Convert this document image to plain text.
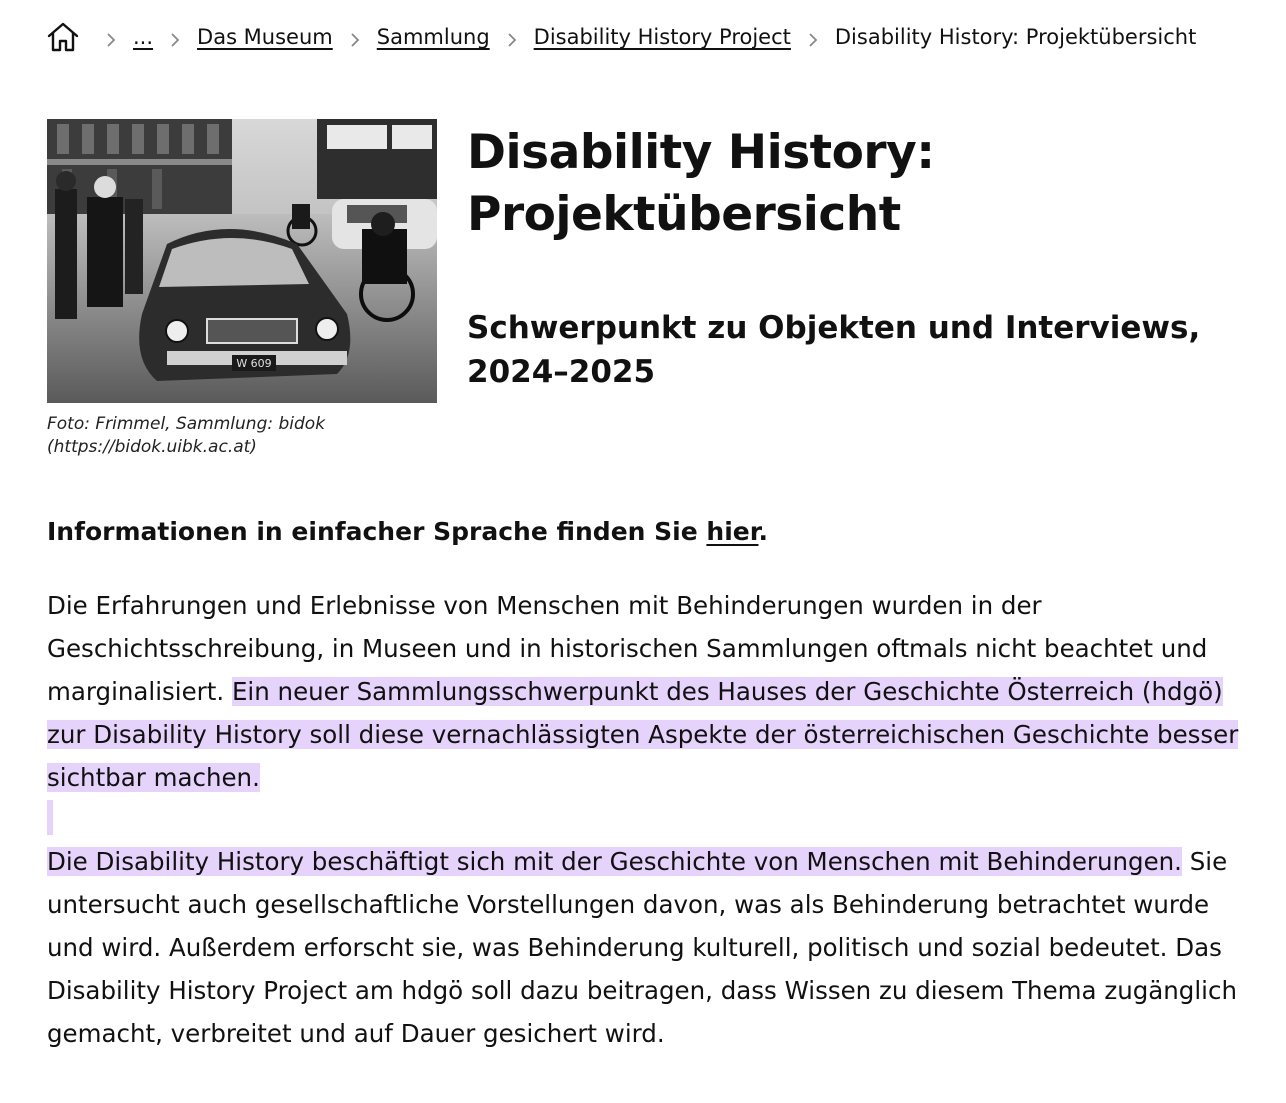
... Das Museum Sammlung Disability History Project Disability History: Projektübersicht
W 609
Foto: Frimmel, Sammlung: bidok
(https://bidok.uibk.ac.at)
Disability History:
Projektübersicht
Schwerpunkt zu Objekten und Interviews, 2024–2025

Informationen in einfacher Sprache finden Sie hier.

Die Erfahrungen und Erlebnisse von Menschen mit Behinderungen wurden in der Geschichtsschreibung, in Museen und in historischen Sammlungen oftmals nicht beachtet und marginalisiert. Ein neuer Sammlungsschwerpunkt des Hauses der Geschichte Österreich (hdgö) zur Disability History soll diese vernachlässigten Aspekte der österreichischen Geschichte besser sichtbar machen.

Die Disability History beschäftigt sich mit der Geschichte von Menschen mit Behinderungen. Sie untersucht auch gesellschaftliche Vorstellungen davon, was als Behinderung betrachtet wurde und wird. Außerdem erforscht sie, was Behinderung kulturell, politisch und sozial bedeutet. Das Disability History Project am hdgö soll dazu beitragen, dass Wissen zu diesem Thema zugänglich gemacht, verbreitet und auf Dauer gesichert wird.
